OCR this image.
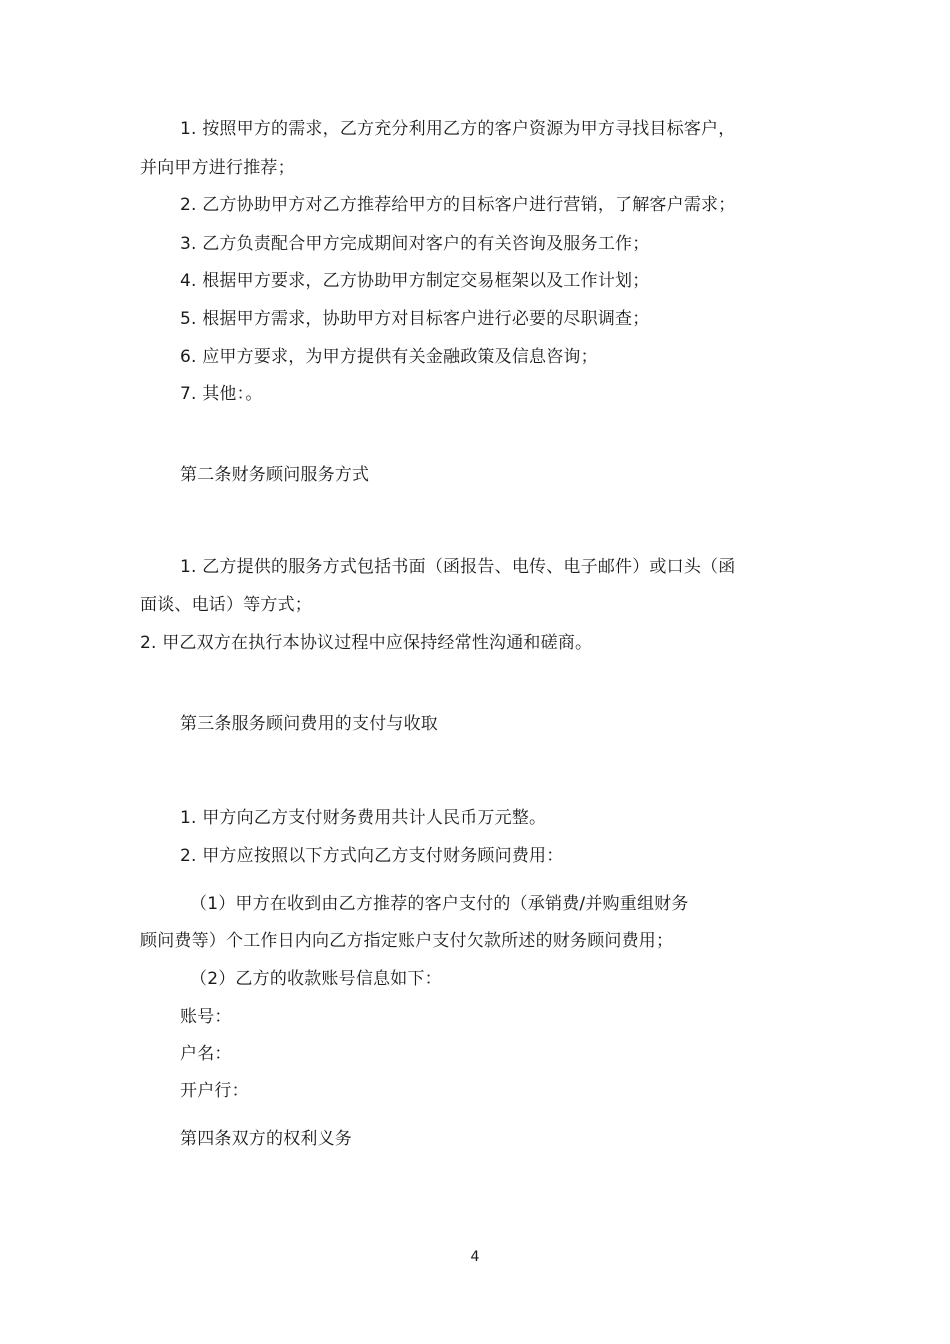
1. 按照甲方的需求，乙方充分利用乙方的客户资源为甲方寻找目标客户，
并向甲方进行推荐；
2. 乙方协助甲方对乙方推荐给甲方的目标客户进行营销，了解客户需求；
3. 乙方负责配合甲方完成期间对客户的有关咨询及服务工作；
4. 根据甲方要求，乙方协助甲方制定交易框架以及工作计划；
5. 根据甲方需求，协助甲方对目标客户进行必要的尽职调查；
6. 应甲方要求，为甲方提供有关金融政策及信息咨询；
7. 其他：。
第二条财务顾问服务方式
1. 乙方提供的服务方式包括书面（函报告、电传、电子邮件）或口头（函
面谈、电话）等方式；
2. 甲乙双方在执行本协议过程中应保持经常性沟通和磋商。
第三条服务顾问费用的支付与收取
1. 甲方向乙方支付财务费用共计人民币万元整。
2. 甲方应按照以下方式向乙方支付财务顾问费用：
（1）甲方在收到由乙方推荐的客户支付的（承销费/并购重组财务
顾问费等）个工作日内向乙方指定账户支付欠款所述的财务顾问费用；
（2）乙方的收款账号信息如下：
账号：
户名：
开户行：
第四条双方的权利义务
4
